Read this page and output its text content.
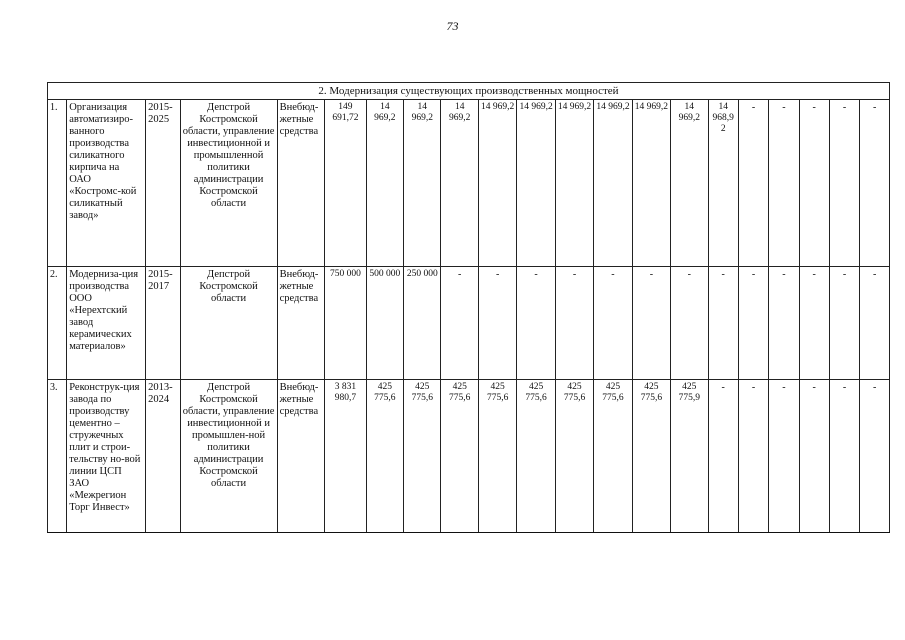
73
2. Модернизация существующих производственных мощностей																				
1.	Организация автоматизиро-ванного производства силикатного кирпича на ОАО «Костромс-кой силикатный завод»	2015-2025	Депстрой Костромской области, управление инвестиционной и промышленной политики администрации Костромской области	Внебюд-жетные средства	149 691,72	14 969,2	14 969,2	14 969,2	14 969,2	14 969,2	14 969,2	14 969,2	14 969,2	14 969,2	14 968,9 2	-	-	-	-	-
2.	Модерниза-ция производства ООО «Нерехтский завод керамических материалов»	2015-2017	Депстрой Костромской области	Внебюд-жетные средства	750 000	500 000	250 000	-	-	-	-	-	-	-	-	-	-	-	-	-
3.	Реконструк-ция завода по производству цементно – стружечных плит и строи-тельству но-вой линии ЦСП ЗАО «Межрегион Торг Инвест»	2013-2024	Депстрой Костромской области, управление инвестиционной и промышлен-ной политики администрации Костромской области	Внебюд-жетные средства	3 831 980,7	425 775,6	425 775,6	425 775,6	425 775,6	425 775,6	425 775,6	425 775,6	425 775,6	425 775,9	-	-	-	-	-	-
